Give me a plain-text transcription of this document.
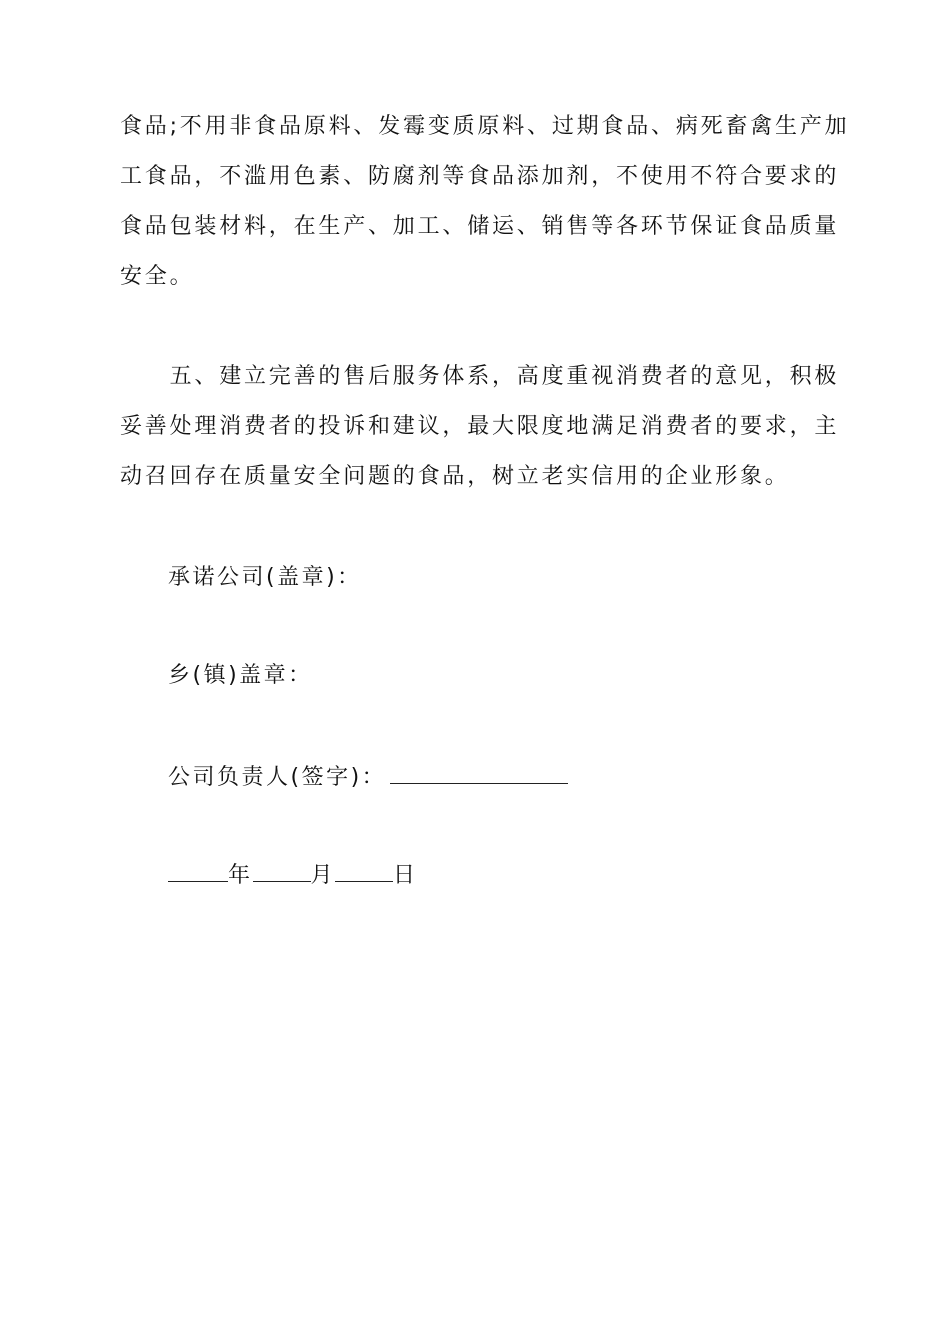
食品;不用非食品原料、发霉变质原料、过期食品、病死畜禽生产加
工食品，不滥用色素、防腐剂等食品添加剂，不使用不符合要求的
食品包装材料，在生产、加工、储运、销售等各环节保证食品质量
安全。

　　五、建立完善的售后服务体系，高度重视消费者的意见，积极
妥善处理消费者的投诉和建议，最大限度地满足消费者的要求，主
动召回存在质量安全问题的食品，树立老实信用的企业形象。

承诺公司(盖章)：
乡(镇)盖章：
公司负责人(签字)：
年	月	日
